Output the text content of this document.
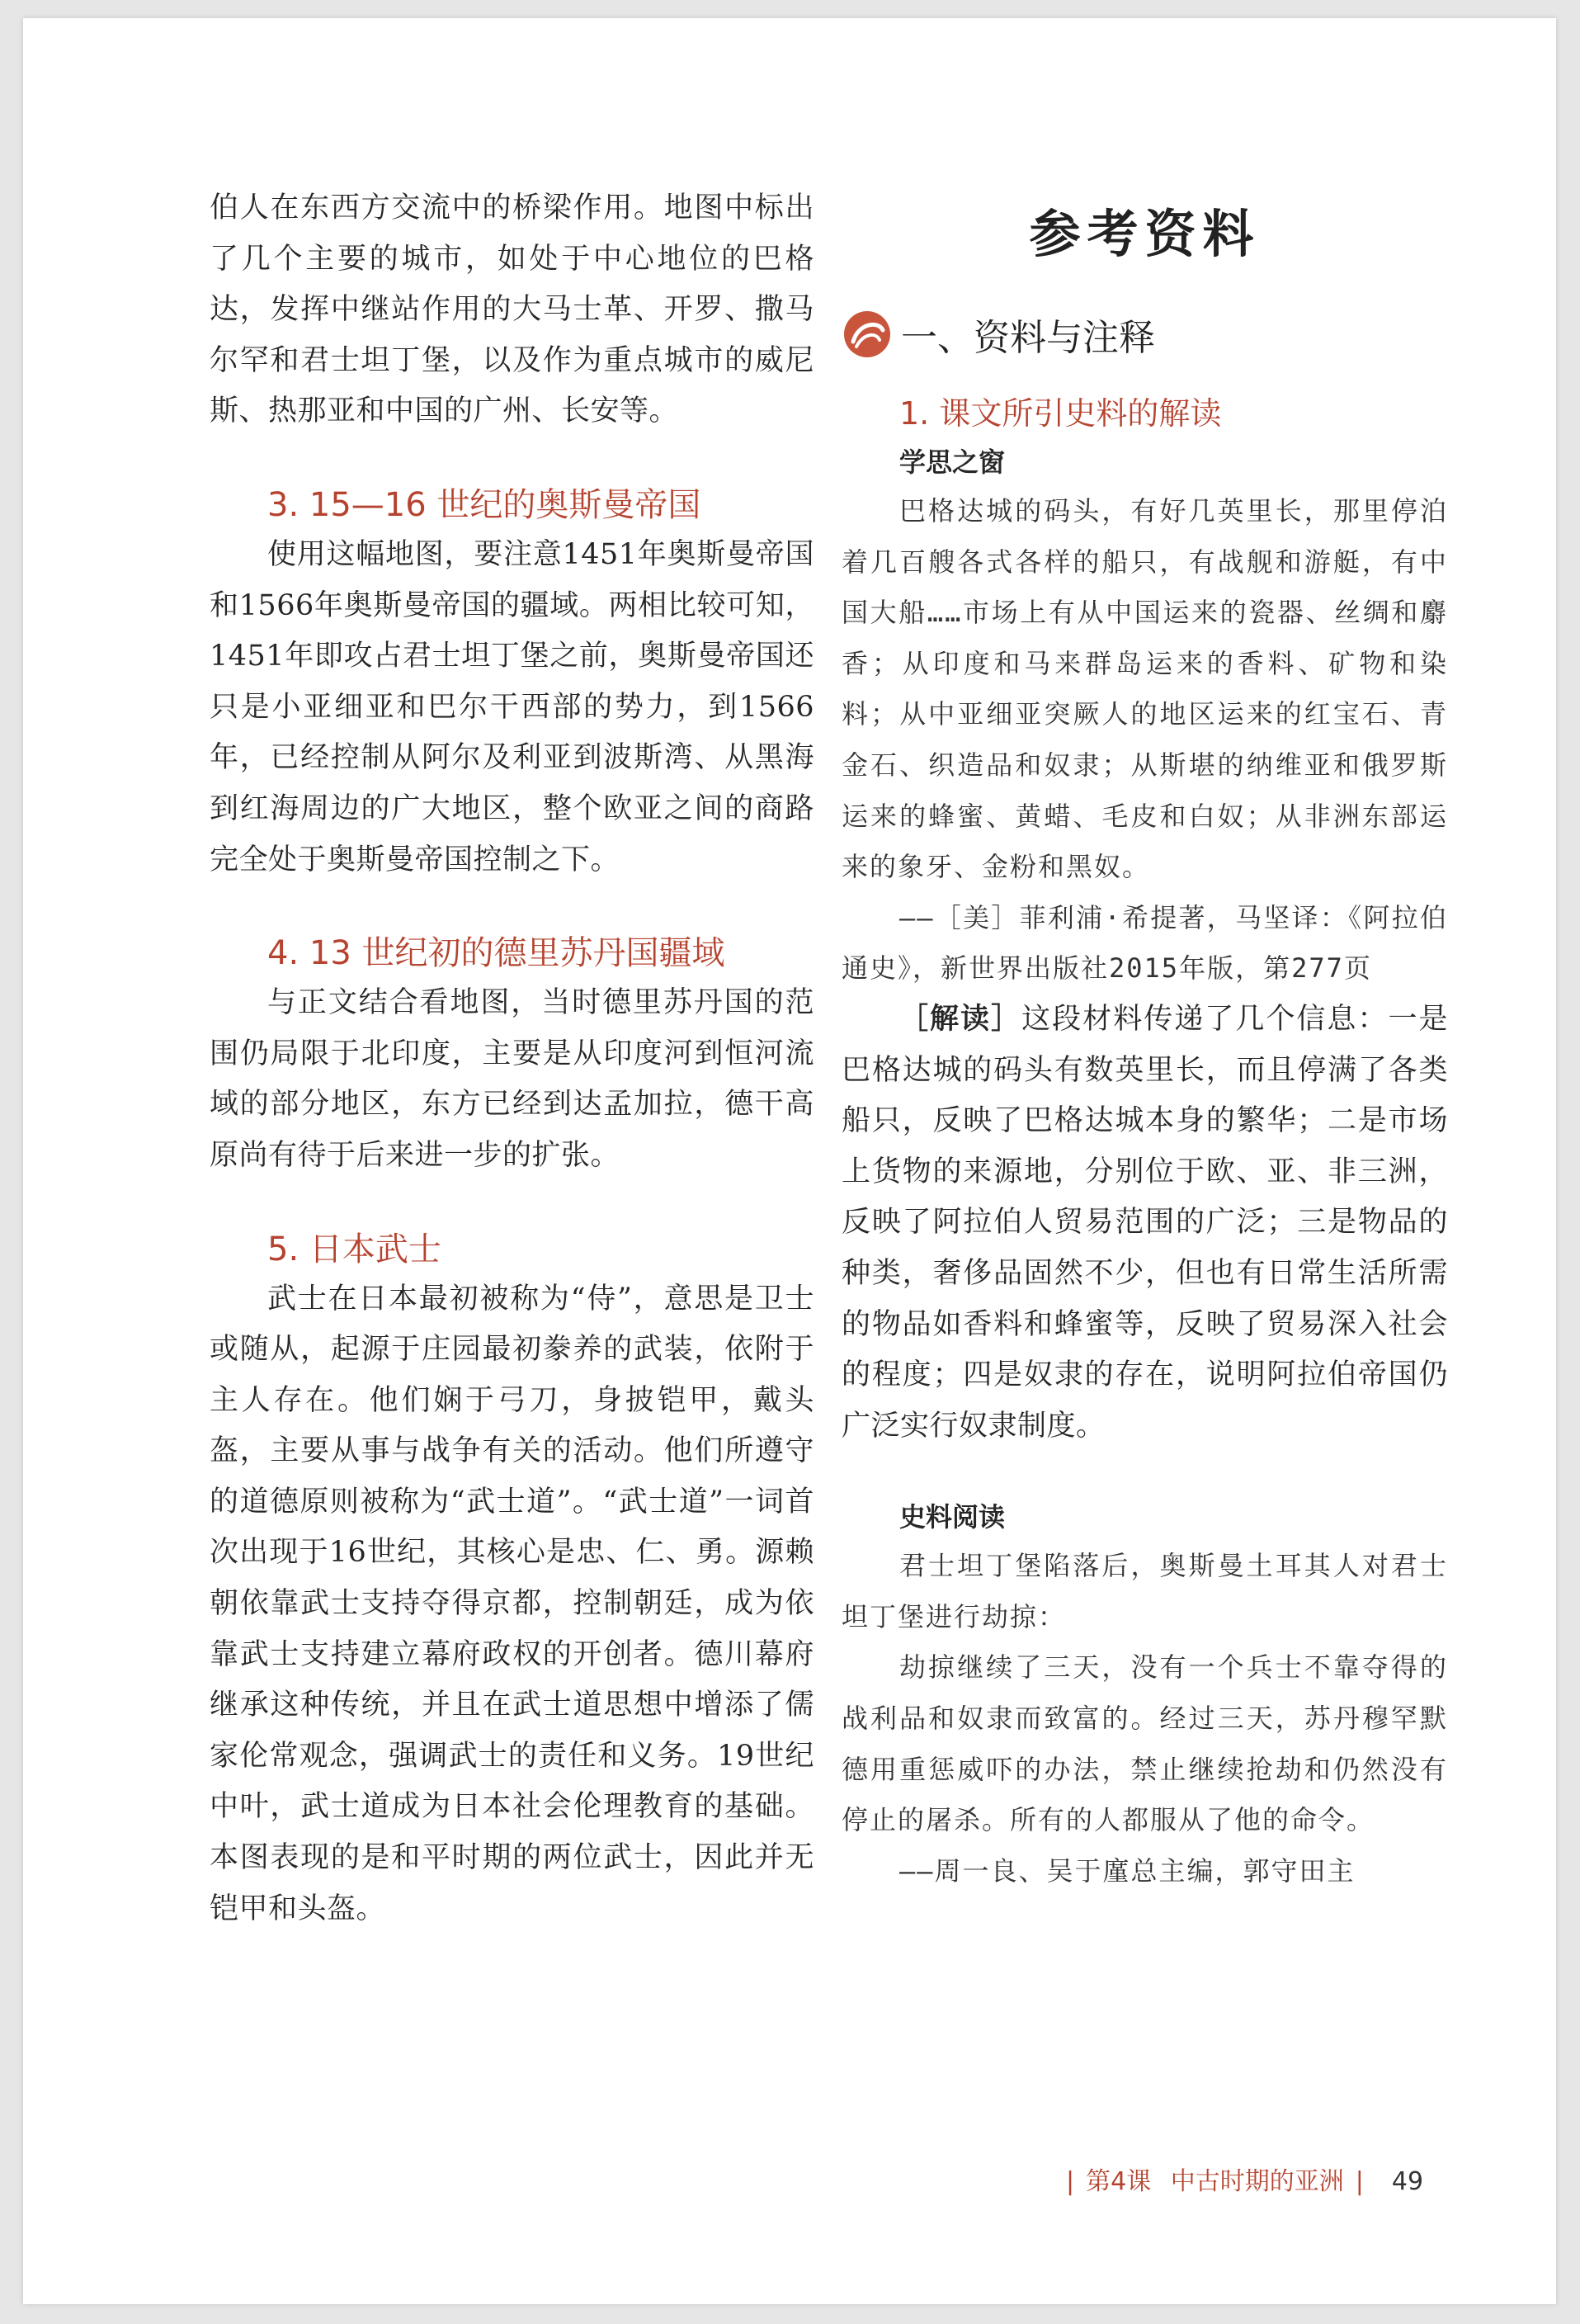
伯人在东西方交流中的桥梁作用。地图中标出了几个主要的城市，如处于中心地位的巴格达，发挥中继站作用的大马士革、开罗、撒马尔罕和君士坦丁堡，以及作为重点城市的威尼斯、热那亚和中国的广州、长安等。

3. 15—16 世纪的奥斯曼帝国

使用这幅地图，要注意1451年奥斯曼帝国和1566年奥斯曼帝国的疆域。两相比较可知，1451年即攻占君士坦丁堡之前，奥斯曼帝国还只是小亚细亚和巴尔干西部的势力，到1566年，已经控制从阿尔及利亚到波斯湾、从黑海到红海周边的广大地区，整个欧亚之间的商路完全处于奥斯曼帝国控制之下。

4. 13 世纪初的德里苏丹国疆域

与正文结合看地图，当时德里苏丹国的范围仍局限于北印度，主要是从印度河到恒河流域的部分地区，东方已经到达孟加拉，德干高原尚有待于后来进一步的扩张。

5. 日本武士

武士在日本最初被称为“侍”，意思是卫士或随从，起源于庄园最初豢养的武装，依附于主人存在。他们娴于弓刀，身披铠甲，戴头盔，主要从事与战争有关的活动。他们所遵守的道德原则被称为“武士道”。“武士道”一词首次出现于16世纪，其核心是忠、仁、勇。源赖朝依靠武士支持夺得京都，控制朝廷，成为依靠武士支持建立幕府政权的开创者。德川幕府继承这种传统，并且在武士道思想中增添了儒家伦常观念，强调武士的责任和义务。19世纪中叶，武士道成为日本社会伦理教育的基础。本图表现的是和平时期的两位武士，因此并无铠甲和头盔。

参考资料
一、资料与注释
1. 课文所引史料的解读
学思之窗

巴格达城的码头，有好几英里长，那里停泊着几百艘各式各样的船只，有战舰和游艇，有中国大船……市场上有从中国运来的瓷器、丝绸和麝香；从印度和马来群岛运来的香料、矿物和染料；从中亚细亚突厥人的地区运来的红宝石、青金石、织造品和奴隶；从斯堪的纳维亚和俄罗斯运来的蜂蜜、黄蜡、毛皮和白奴；从非洲东部运来的象牙、金粉和黑奴。

——［美］菲利浦·希提著，马坚译：《阿拉伯通史》，新世界出版社2015年版，第277页

［解读］这段材料传递了几个信息：一是巴格达城的码头有数英里长，而且停满了各类船只，反映了巴格达城本身的繁华；二是市场上货物的来源地，分别位于欧、亚、非三洲，反映了阿拉伯人贸易范围的广泛；三是物品的种类，奢侈品固然不少，但也有日常生活所需的物品如香料和蜂蜜等，反映了贸易深入社会的程度；四是奴隶的存在，说明阿拉伯帝国仍广泛实行奴隶制度。

史料阅读

君士坦丁堡陷落后，奥斯曼土耳其人对君士坦丁堡进行劫掠：

劫掠继续了三天，没有一个兵士不靠夺得的战利品和奴隶而致富的。经过三天，苏丹穆罕默德用重惩威吓的办法，禁止继续抢劫和仍然没有停止的屠杀。所有的人都服从了他的命令。

——周一良、吴于廑总主编，郭守田主

| 第4课 中古时期的亚洲 | 49
